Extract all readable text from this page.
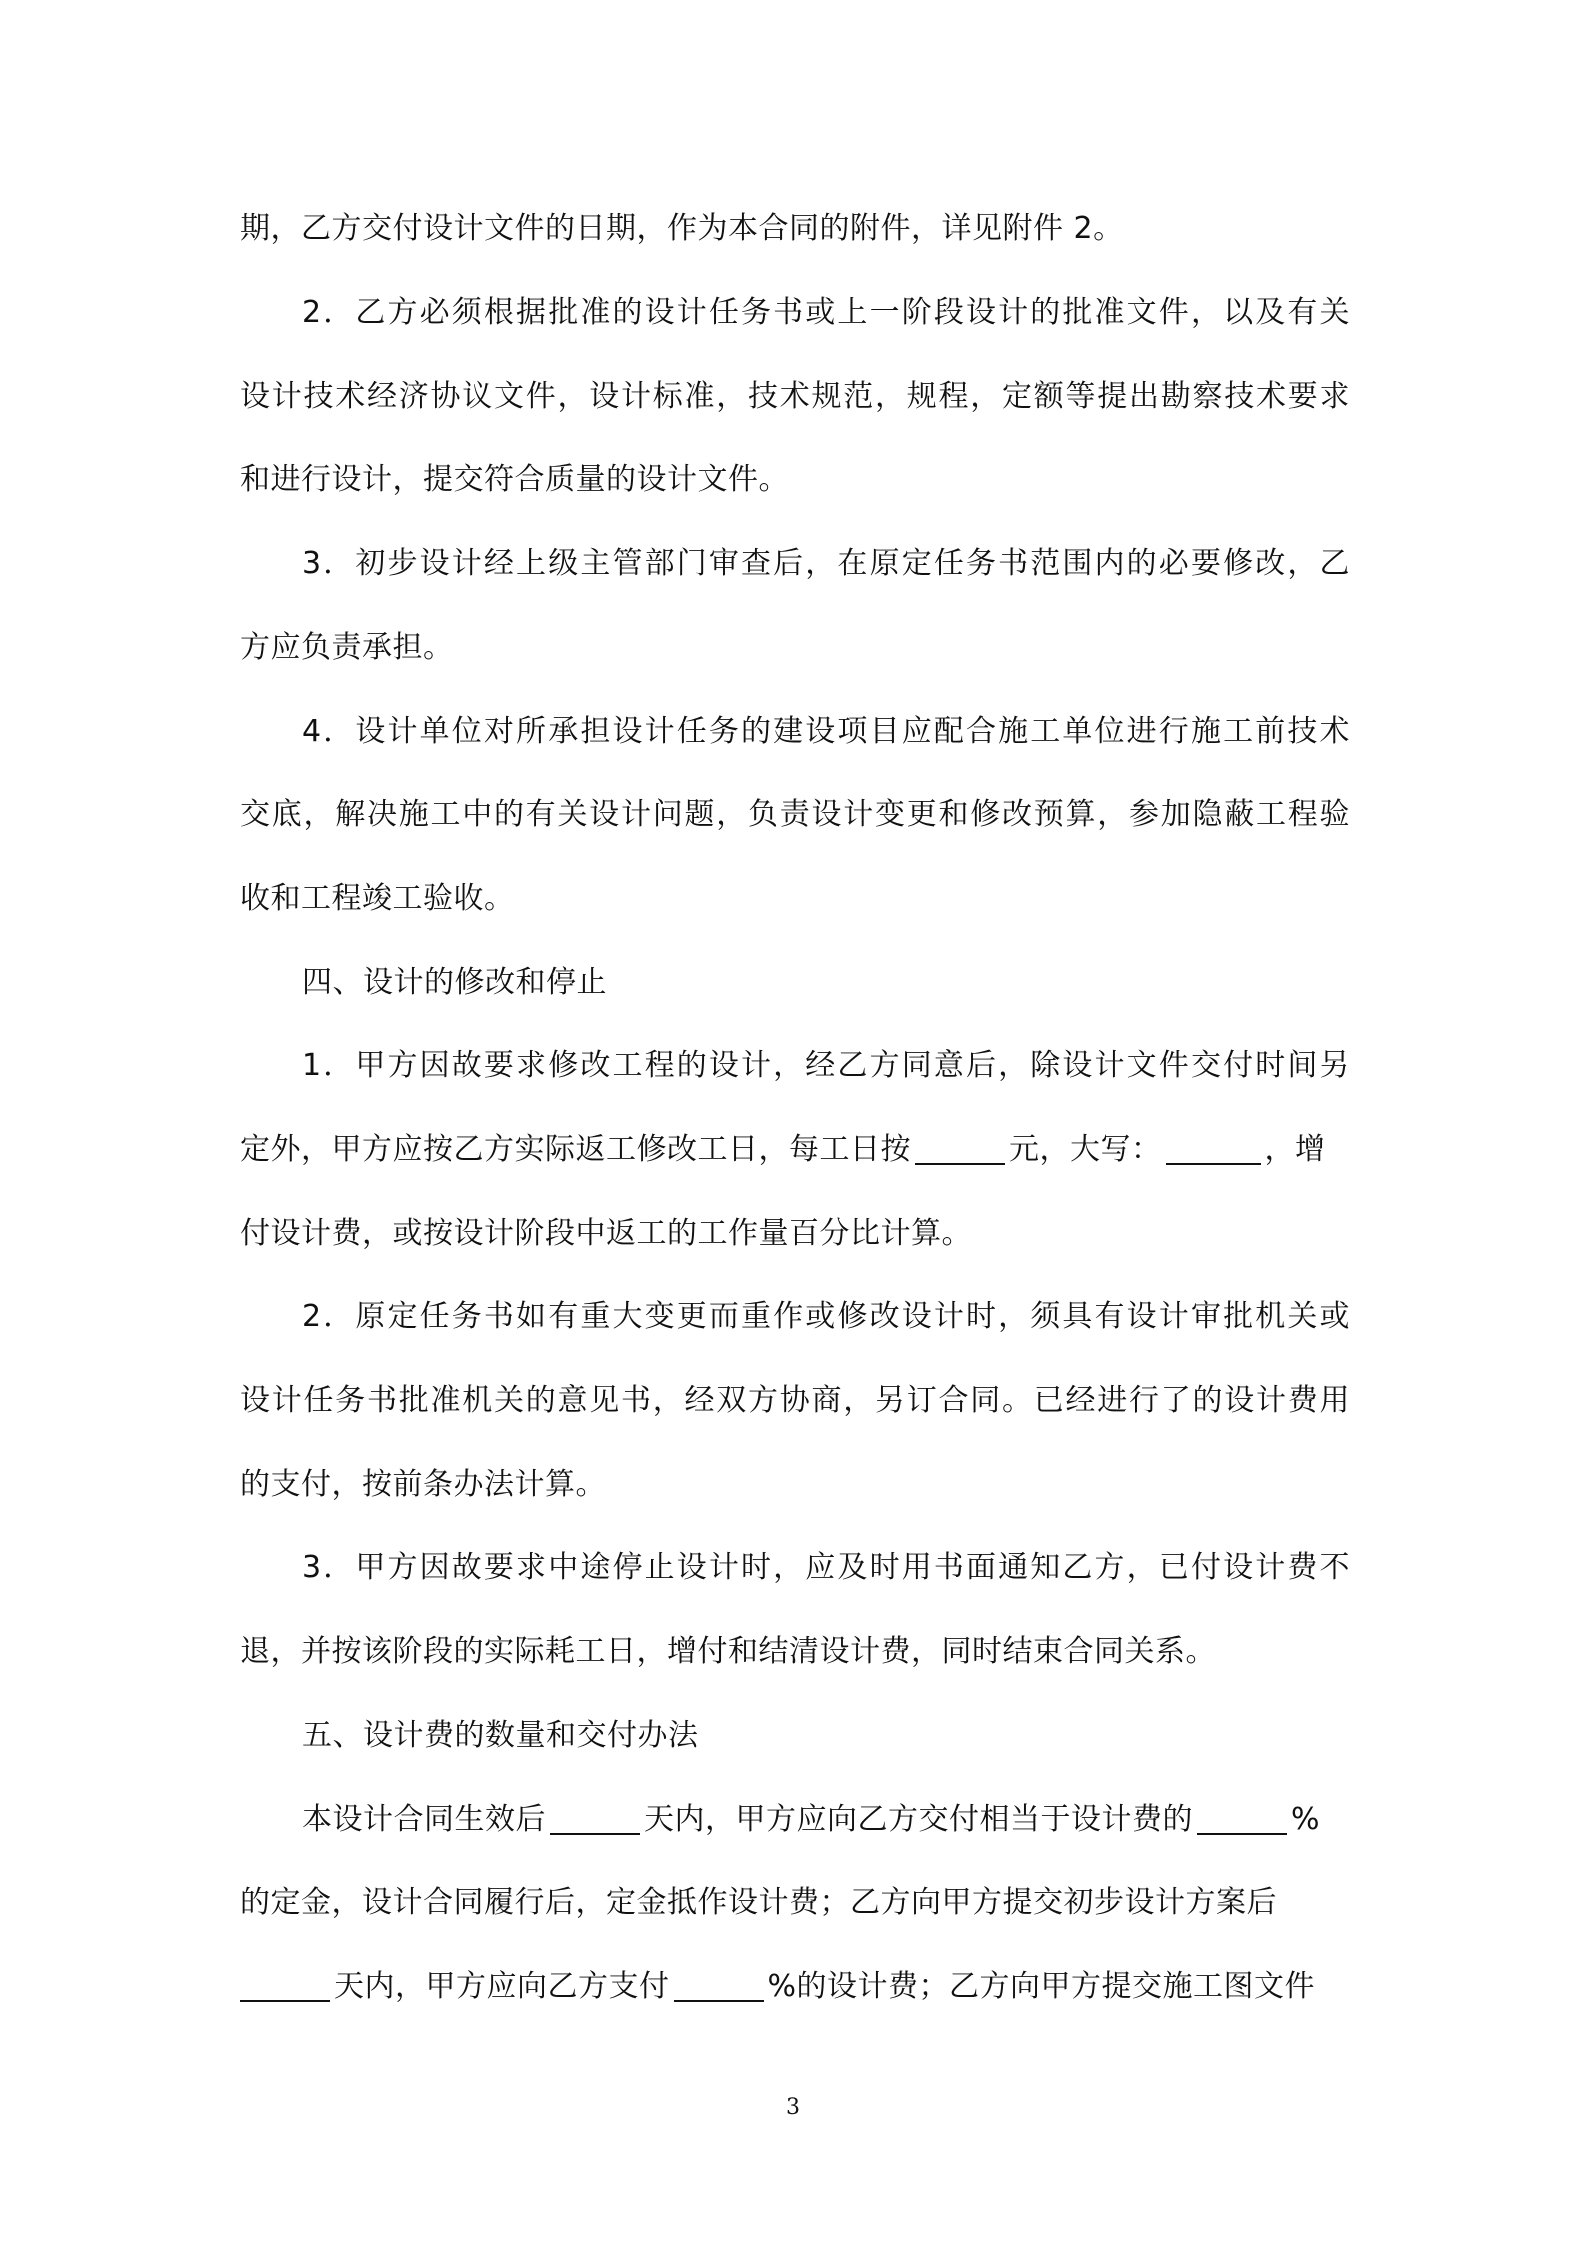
期，乙方交付设计文件的日期，作为本合同的附件，详见附件 2。
2．乙方必须根据批准的设计任务书或上一阶段设计的批准文件，以及有关
设计技术经济协议文件，设计标准，技术规范，规程，定额等提出勘察技术要求
和进行设计，提交符合质量的设计文件。
3．初步设计经上级主管部门审查后，在原定任务书范围内的必要修改，乙
方应负责承担。
4．设计单位对所承担设计任务的建设项目应配合施工单位进行施工前技术
交底，解决施工中的有关设计问题，负责设计变更和修改预算，参加隐蔽工程验
收和工程竣工验收。
四、设计的修改和停止
1．甲方因故要求修改工程的设计，经乙方同意后，除设计文件交付时间另
定外，甲方应按乙方实际返工修改工日，每工日按	元，大写：	，增
付设计费，或按设计阶段中返工的工作量百分比计算。
2．原定任务书如有重大变更而重作或修改设计时，须具有设计审批机关或
设计任务书批准机关的意见书，经双方协商，另订合同。已经进行了的设计费用
的支付，按前条办法计算。
3．甲方因故要求中途停止设计时，应及时用书面通知乙方，已付设计费不
退，并按该阶段的实际耗工日，增付和结清设计费，同时结束合同关系。
五、设计费的数量和交付办法
本设计合同生效后	天内，甲方应向乙方交付相当于设计费的	%
的定金，设计合同履行后，定金抵作设计费；乙方向甲方提交初步设计方案后
天内，甲方应向乙方支付	%的设计费；乙方向甲方提交施工图文件
3
